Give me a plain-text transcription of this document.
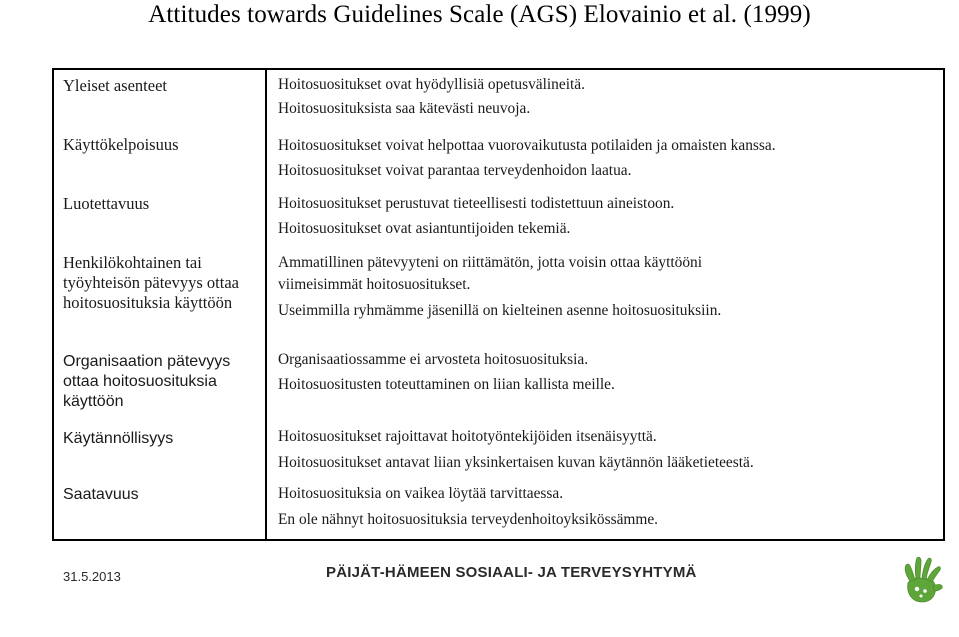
Attitudes towards Guidelines Scale (AGS) Elovainio et al. (1999)
Yleiset asenteet
Käyttökelpoisuus
Luotettavuus
Henkilökohtainen tai työyhteisön pätevyys ottaa hoitosuosituksia käyttöön
Organisaation pätevyys ottaa hoitosuosituksia käyttöön
Käytännöllisyys
Saatavuus
Hoitosuositukset ovat hyödyllisiä opetusvälineitä.
Hoitosuosituksista saa kätevästi neuvoja.
Hoitosuositukset voivat helpottaa vuorovaikutusta potilaiden ja omaisten kanssa.
Hoitosuositukset voivat parantaa terveydenhoidon laatua.
Hoitosuositukset perustuvat tieteellisesti todistettuun aineistoon.
Hoitosuositukset ovat asiantuntijoiden tekemiä.
Ammatillinen pätevyyteni on riittämätön, jotta voisin ottaa käyttööni
viimeisimmät hoitosuositukset.
Useimmilla ryhmämme jäsenillä on kielteinen asenne hoitosuosituksiin.
Organisaatiossamme ei arvosteta hoitosuosituksia.
Hoitosuositusten toteuttaminen on liian kallista meille.
Hoitosuositukset rajoittavat hoitotyöntekijöiden itsenäisyyttä.
Hoitosuositukset antavat liian yksinkertaisen kuvan käytännön lääketieteestä.
Hoitosuosituksia on vaikea löytää tarvittaessa.
En ole nähnyt hoitosuosituksia terveydenhoitoyksikössämme.
31.5.2013	PÄIJÄT-HÄMEEN SOSIAALI- JA TERVEYSYHTYMÄ
